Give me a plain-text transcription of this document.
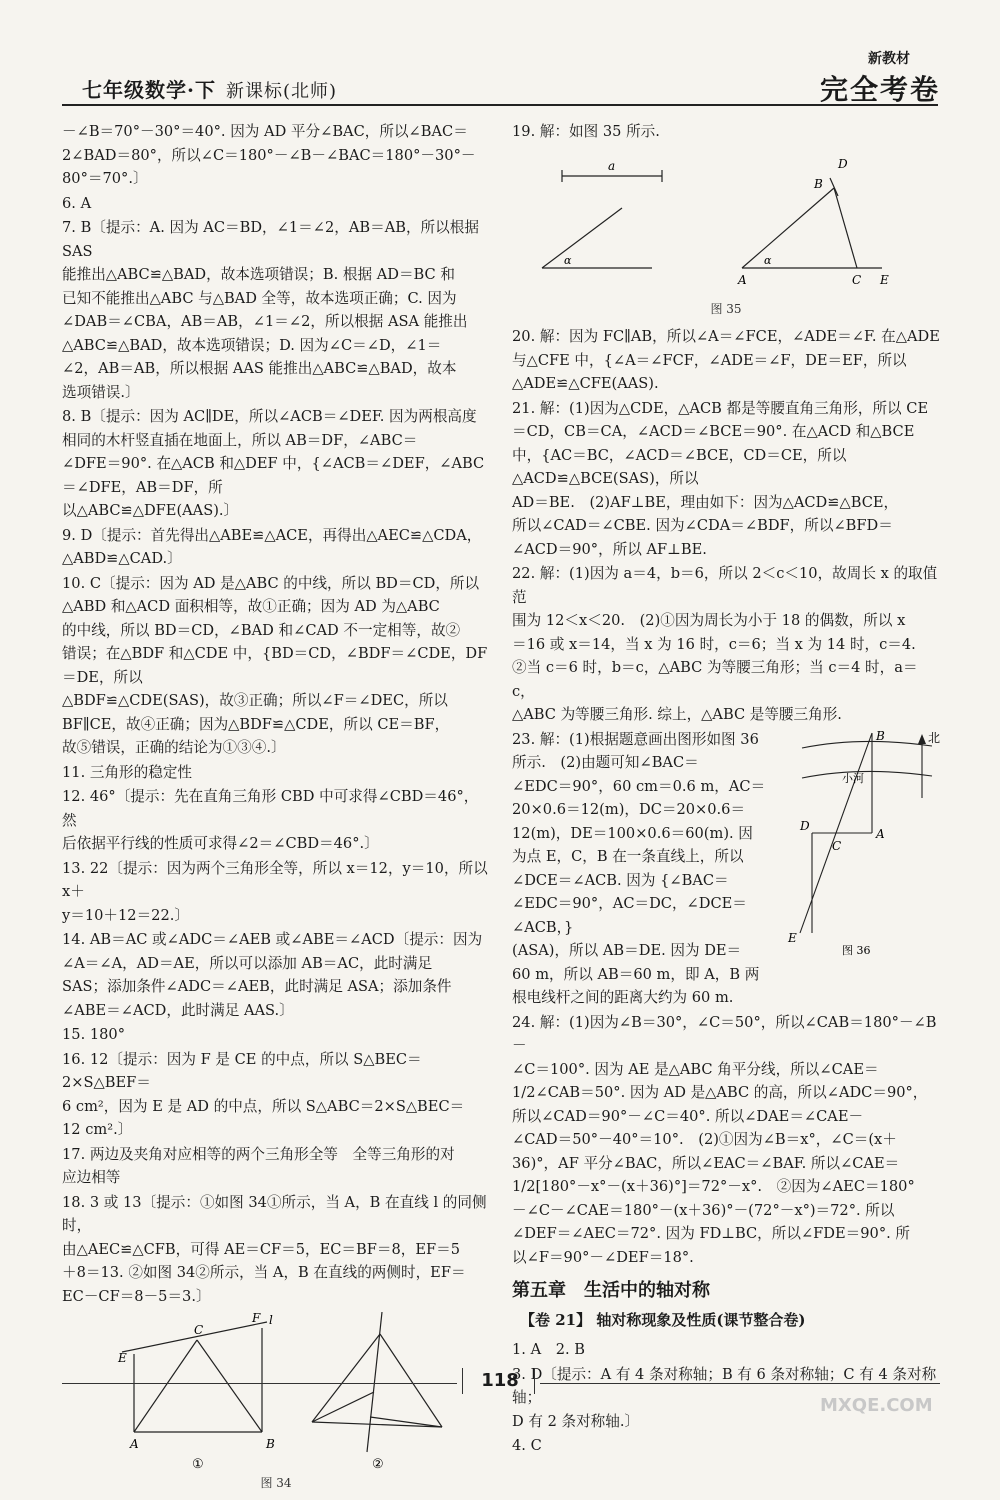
七年级数学·下 新课标(北师)
新教材
完全考卷
－∠B＝70°－30°＝40°. 因为 AD 平分∠BAC，所以∠BAC＝
2∠BAD＝80°，所以∠C＝180°－∠B－∠BAC＝180°－30°－
80°＝70°.〕
6. A
7. B〔提示：A. 因为 AC＝BD，∠1＝∠2，AB＝AB，所以根据 SAS
能推出△ABC≌△BAD，故本选项错误；B. 根据 AD＝BC 和
已知不能推出△ABC 与△BAD 全等，故本选项正确；C. 因为
∠DAB＝∠CBA，AB＝AB，∠1＝∠2，所以根据 ASA 能推出
△ABC≌△BAD，故本选项错误；D. 因为∠C＝∠D，∠1＝
∠2，AB＝AB，所以根据 AAS 能推出△ABC≌△BAD，故本
选项错误.〕
8. B〔提示：因为 AC∥DE，所以∠ACB＝∠DEF. 因为两根高度
相同的木杆竖直插在地面上，所以 AB＝DF，∠ABC＝
∠DFE＝90°. 在△ACB 和△DEF 中，{∠ACB＝∠DEF，∠ABC＝∠DFE，AB＝DF，所
以△ABC≌△DFE(AAS).〕
9. D〔提示：首先得出△ABE≌△ACE，再得出△AEC≌△CDA，
△ABD≌△CAD.〕
10. C〔提示：因为 AD 是△ABC 的中线，所以 BD＝CD，所以
△ABD 和△ACD 面积相等，故①正确；因为 AD 为△ABC
的中线，所以 BD＝CD，∠BAD 和∠CAD 不一定相等，故②
错误；在△BDF 和△CDE 中，{BD＝CD，∠BDF＝∠CDE，DF＝DE，所以
△BDF≌△CDE(SAS)，故③正确；所以∠F＝∠DEC，所以
BF∥CE，故④正确；因为△BDF≌△CDE，所以 CE＝BF，
故⑤错误，正确的结论为①③④.〕
11. 三角形的稳定性
12. 46°〔提示：先在直角三角形 CBD 中可求得∠CBD＝46°，然
后依据平行线的性质可求得∠2＝∠CBD＝46°.〕
13. 22〔提示：因为两个三角形全等，所以 x＝12，y＝10，所以 x＋
y＝10＋12＝22.〕
14. AB＝AC 或∠ADC＝∠AEB 或∠ABE＝∠ACD〔提示：因为
∠A＝∠A，AD＝AE，所以可以添加 AB＝AC，此时满足
SAS；添加条件∠ADC＝∠AEB，此时满足 ASA；添加条件
∠ABE＝∠ACD，此时满足 AAS.〕
15. 180°
16. 12〔提示：因为 F 是 CE 的中点，所以 S△BEC＝2×S△BEF＝
6 cm²，因为 E 是 AD 的中点，所以 S△ABC＝2×S△BEC＝
12 cm².〕
17. 两边及夹角对应相等的两个三角形全等　全等三角形的对
应边相等
18. 3 或 13〔提示：①如图 34①所示，当 A，B 在直线 l 的同侧时，
由△AEC≌△CFB，可得 AE＝CF＝5，EC＝BF＝8，EF＝5
＋8＝13. ②如图 34②所示，当 A，B 在直线的两侧时，EF＝
EC－CF＝8－5＝3.〕
E
C
F l
A	B
①	②
图 34
19. 解：如图 35 所示.
a
α	α
A
B
C
D
E
图 35
20. 解：因为 FC∥AB，所以∠A＝∠FCE，∠ADE＝∠F. 在△ADE
与△CFE 中，{∠A＝∠FCF，∠ADE＝∠F，DE＝EF，所以△ADE≌△CFE(AAS).
21. 解：(1)因为△CDE，△ACB 都是等腰直角三角形，所以 CE
＝CD，CB＝CA，∠ACD＝∠BCE＝90°. 在△ACD 和△BCE
中，{AC＝BC，∠ACD＝∠BCE，CD＝CE，所以△ACD≌△BCE(SAS)，所以
AD＝BE.　(2)AF⊥BE，理由如下：因为△ACD≌△BCE，
所以∠CAD＝∠CBE. 因为∠CDA＝∠BDF，所以∠BFD＝
∠ACD＝90°，所以 AF⊥BE.
22. 解：(1)因为 a＝4，b＝6，所以 2＜c＜10，故周长 x 的取值范
围为 12＜x＜20.　(2)①因为周长为小于 18 的偶数，所以 x
＝16 或 x＝14，当 x 为 16 时，c＝6；当 x 为 14 时，c＝4.
②当 c＝6 时，b＝c，△ABC 为等腰三角形；当 c＝4 时，a＝c，
△ABC 为等腰三角形. 综上，△ABC 是等腰三角形.
23. 解：(1)根据题意画出图形如图 36
所示.　(2)由题可知∠BAC＝
∠EDC＝90°，60 cm＝0.6 m，AC＝
20×0.6＝12(m)，DC＝20×0.6＝
12(m)，DE＝100×0.6＝60(m). 因
为点 E，C，B 在一条直线上，所以
∠DCE＝∠ACB. 因为 {∠BAC＝∠EDC＝90°，AC＝DC，∠DCE＝∠ACB，}
(ASA)，所以 AB＝DE. 因为 DE＝
60 m，所以 AB＝60 m，即 A，B 两
根电线杆之间的距离大约为 60 m.
B	北
小河
D
A
C
E
图 36
24. 解：(1)因为∠B＝30°，∠C＝50°，所以∠CAB＝180°－∠B－
∠C＝100°. 因为 AE 是△ABC 角平分线，所以∠CAE＝
1/2∠CAB＝50°. 因为 AD 是△ABC 的高，所以∠ADC＝90°，
所以∠CAD＝90°－∠C＝40°. 所以∠DAE＝∠CAE－
∠CAD＝50°－40°＝10°.　(2)①因为∠B＝x°，∠C＝(x＋
36)°，AF 平分∠BAC，所以∠EAC＝∠BAF. 所以∠CAE＝
1/2[180°－x°－(x＋36)°]＝72°－x°.　②因为∠AEC＝180°
－∠C－∠CAE＝180°－(x＋36)°－(72°－x°)＝72°. 所以
∠DEF＝∠AEC＝72°. 因为 FD⊥BC，所以∠FDE＝90°. 所
以∠F＝90°－∠DEF＝18°.
第五章　生活中的轴对称
【卷 21】 轴对称现象及性质(课节整合卷)
1. A　2. B
3. D〔提示：A 有 4 条对称轴；B 有 6 条对称轴；C 有 4 条对称轴；
D 有 2 条对称轴.〕
4. C
118
MXQE.COM
